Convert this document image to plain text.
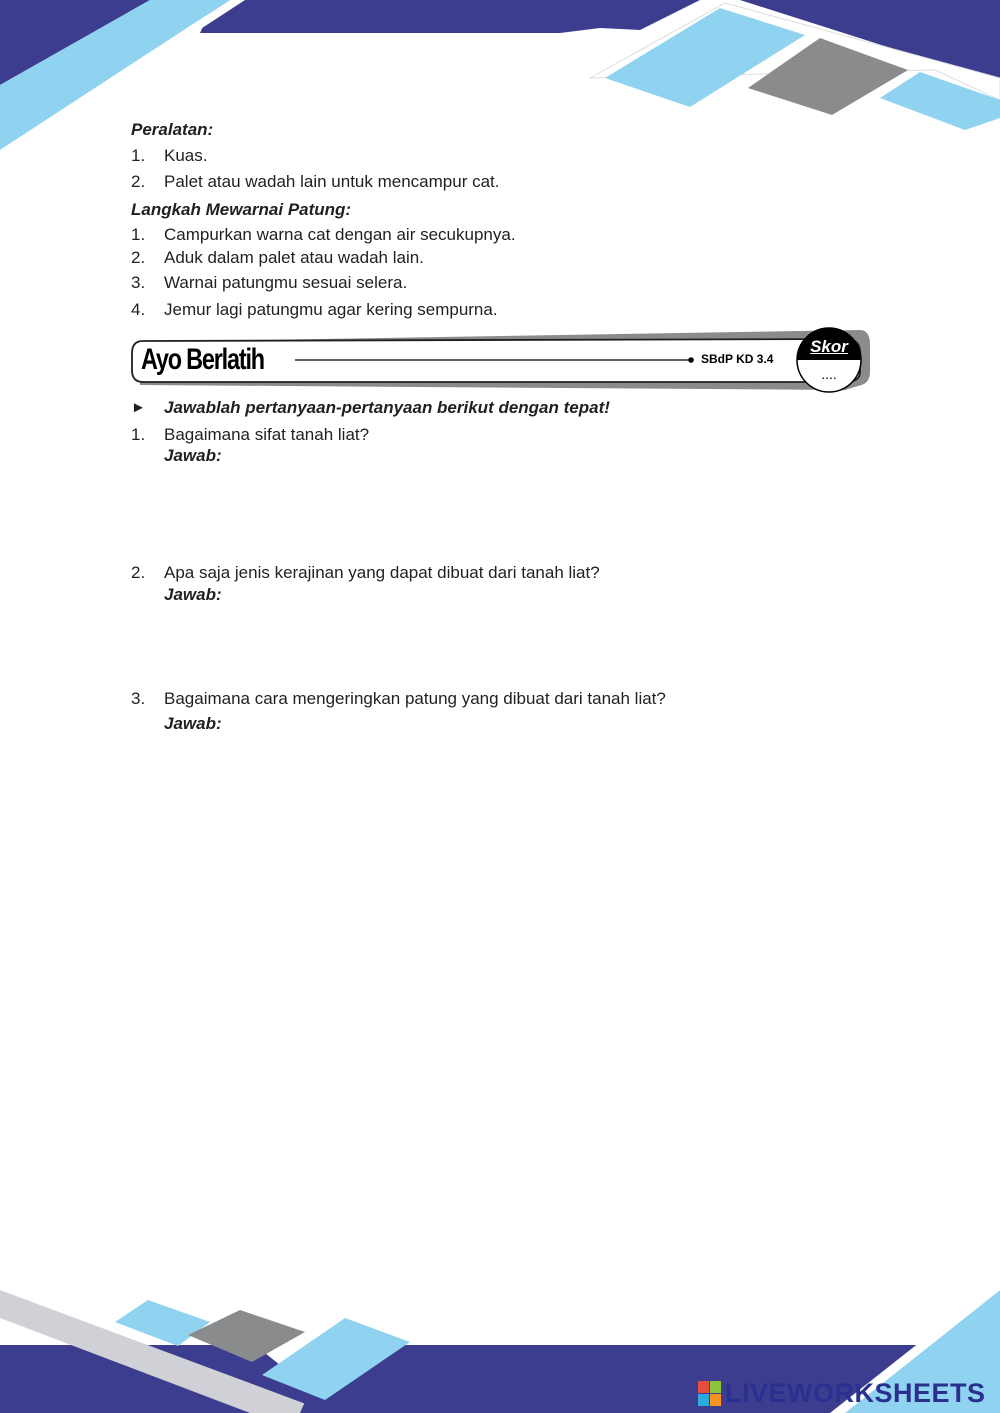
Peralatan:
1. Kuas.
2. Palet atau wadah lain untuk mencampur cat.
Langkah Mewarnai Patung:
1. Campurkan warna cat dengan air secukupnya.
2. Aduk dalam palet atau wadah lain.
3. Warnai patungmu sesuai selera.
4. Jemur lagi patungmu agar kering sempurna.
Ayo Berlatih	SBdP KD 3.4
Skor
....
► Jawablah pertanyaan-pertanyaan berikut dengan tepat!
1. Bagaimana sifat tanah liat?
Jawab:
2. Apa saja jenis kerajinan yang dapat dibuat dari tanah liat?
Jawab:
3. Bagaimana cara mengeringkan patung yang dibuat dari tanah liat?
Jawab:
LIVEWORKSHEETS
